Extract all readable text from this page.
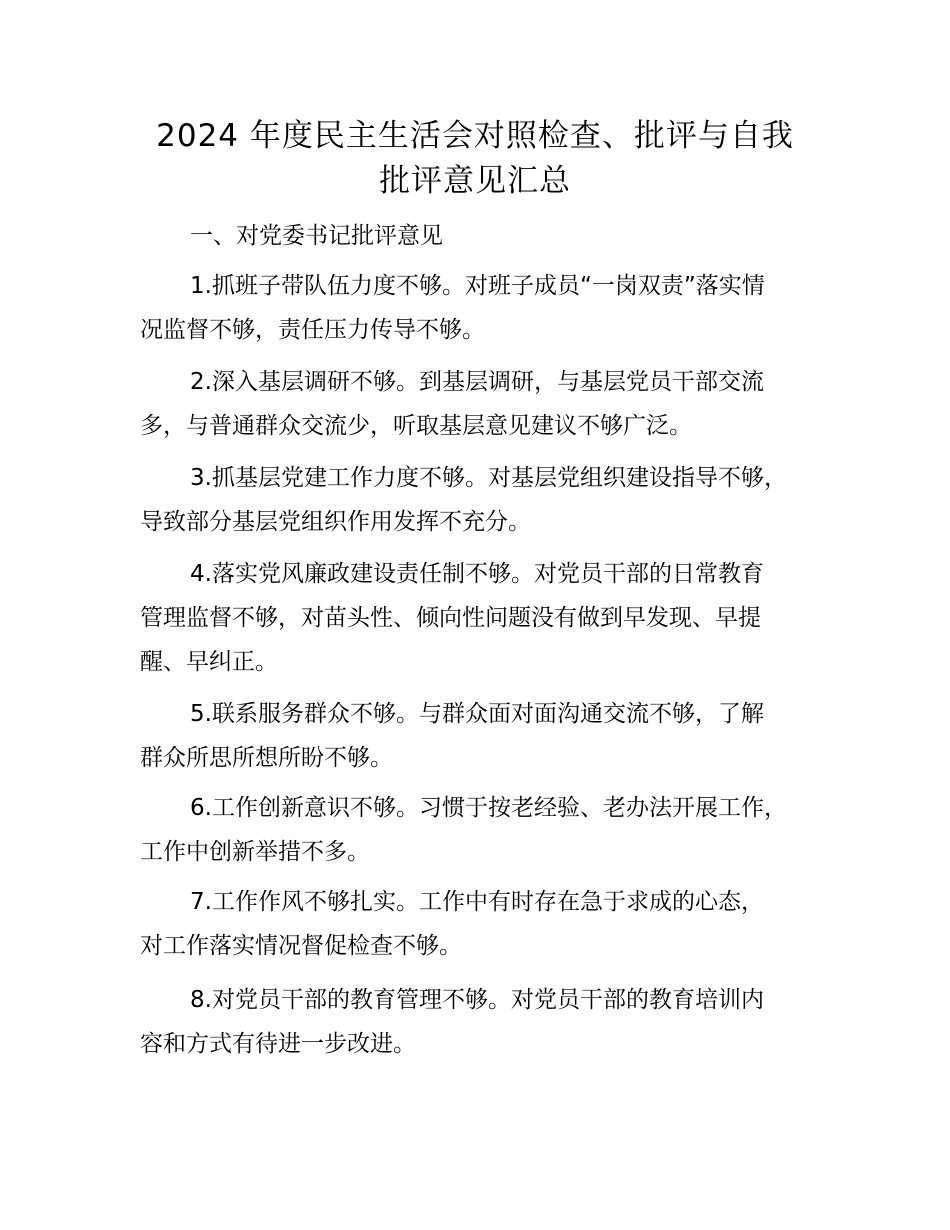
2024 年度民主生活会对照检查、批评与自我
批评意见汇总

一、对党委书记批评意见

1.抓班子带队伍力度不够。对班子成员“一岗双责”落实情
况监督不够，责任压力传导不够。

2.深入基层调研不够。到基层调研，与基层党员干部交流
多，与普通群众交流少，听取基层意见建议不够广泛。

3.抓基层党建工作力度不够。对基层党组织建设指导不够，
导致部分基层党组织作用发挥不充分。

4.落实党风廉政建设责任制不够。对党员干部的日常教育
管理监督不够，对苗头性、倾向性问题没有做到早发现、早提
醒、早纠正。

5.联系服务群众不够。与群众面对面沟通交流不够，了解
群众所思所想所盼不够。

6.工作创新意识不够。习惯于按老经验、老办法开展工作，
工作中创新举措不多。

7.工作作风不够扎实。工作中有时存在急于求成的心态，
对工作落实情况督促检查不够。

8.对党员干部的教育管理不够。对党员干部的教育培训内
容和方式有待进一步改进。
